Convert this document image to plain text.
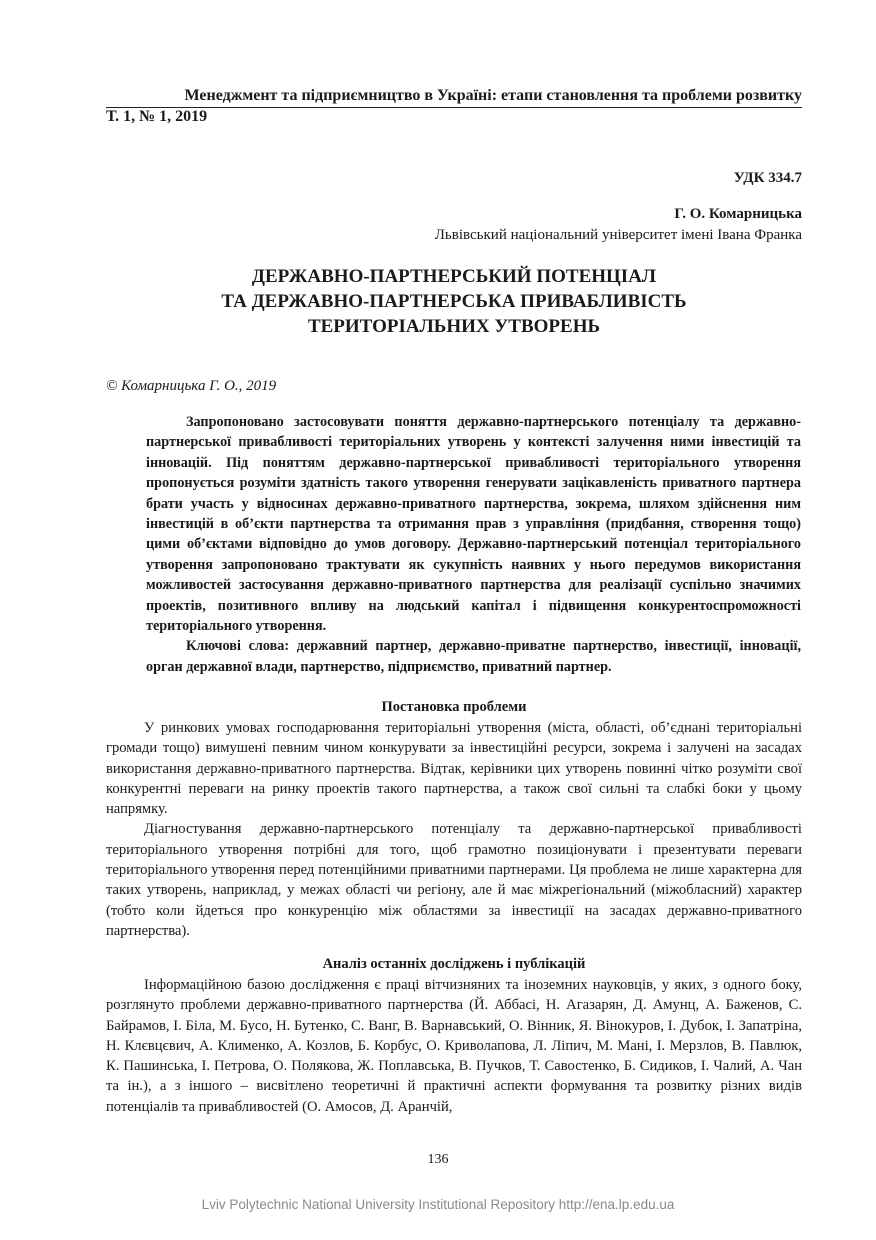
Менеджмент та підприємництво в Україні: етапи становлення та проблеми розвитку
Т. 1, № 1, 2019
УДК 334.7
Г. О. Комарницька
Львівський національний університет імені Івана Франка
ДЕРЖАВНО-ПАРТНЕРСЬКИЙ ПОТЕНЦІАЛ
ТА ДЕРЖАВНО-ПАРТНЕРСЬКА ПРИВАБЛИВІСТЬ
ТЕРИТОРІАЛЬНИХ УТВОРЕНЬ
© Комарницька Г. О., 2019

Запропоновано застосовувати поняття державно-партнерського потенціалу та державно-партнерської привабливості територіальних утворень у контексті залучення ними інвестицій та інновацій. Під поняттям державно-партнерської привабливості територіального утворення пропонується розуміти здатність такого утворення генерувати зацікавленість приватного партнера брати участь у відносинах державно-приватного партнерства, зокрема, шляхом здійснення ним інвестицій в об’єкти партнерства та отримання прав з управління (придбання, створення тощо) цими об’єктами відповідно до умов договору. Державно-партнерський потенціал територіального утворення запропоновано трактувати як сукупність наявних у нього передумов використання можливостей застосування державно-приватного партнерства для реалізації суспільно значимих проектів, позитивного впливу на людський капітал і підвищення конкурентоспроможності територіального утворення.

Ключові слова: державний партнер, державно-приватне партнерство, інвестиції, інновації, орган державної влади, партнерство, підприємство, приватний партнер.

Постановка проблеми

У ринкових умовах господарювання територіальні утворення (міста, області, об’єднані територіальні громади тощо) вимушені певним чином конкурувати за інвестиційні ресурси, зокрема і залучені на засадах використання державно-приватного партнерства. Відтак, керівники цих утворень повинні чітко розуміти свої конкурентні переваги на ринку проектів такого партнерства, а також свої сильні та слабкі боки у цьому напрямку.

Діагностування державно-партнерського потенціалу та державно-партнерської привабливості територіального утворення потрібні для того, щоб грамотно позиціонувати і презентувати переваги територіального утворення перед потенційними приватними партнерами. Ця проблема не лише характерна для таких утворень, наприклад, у межах області чи регіону, але й має міжрегіональний (міжобласний) характер (тобто коли йдеться про конкуренцію між областями за інвестиції на засадах державно-приватного партнерства).

Аналіз останніх досліджень і публікацій

Інформаційною базою дослідження є праці вітчизняних та іноземних науковців, у яких, з одного боку, розглянуто проблеми державно-приватного партнерства (Й. Аббасі, Н. Агазарян, Д. Амунц, А. Баженов, С. Байрамов, І. Біла, М. Бусо, Н. Бутенко, С. Ванг, В. Варнавський, О. Вінник, Я. Вінокуров, І. Дубок, І. Запатріна, Н. Клєвцєвич, А. Клименко, А. Козлов, Б. Корбус, О. Криволапова, Л. Ліпич, М. Мані, І. Мерзлов, В. Павлюк, К. Пашинська, І. Петрова, О. Полякова, Ж. Поплавська, В. Пучков, Т. Савостенко, Б. Сидиков, І. Чалий, А. Чан та ін.), а з іншого – висвітлено теоретичні й практичні аспекти формування та розвитку різних видів потенціалів та привабливостей (О. Амосов, Д. Аранчій,

136
Lviv Polytechnic National University Institutional Repository http://ena.lp.edu.ua
